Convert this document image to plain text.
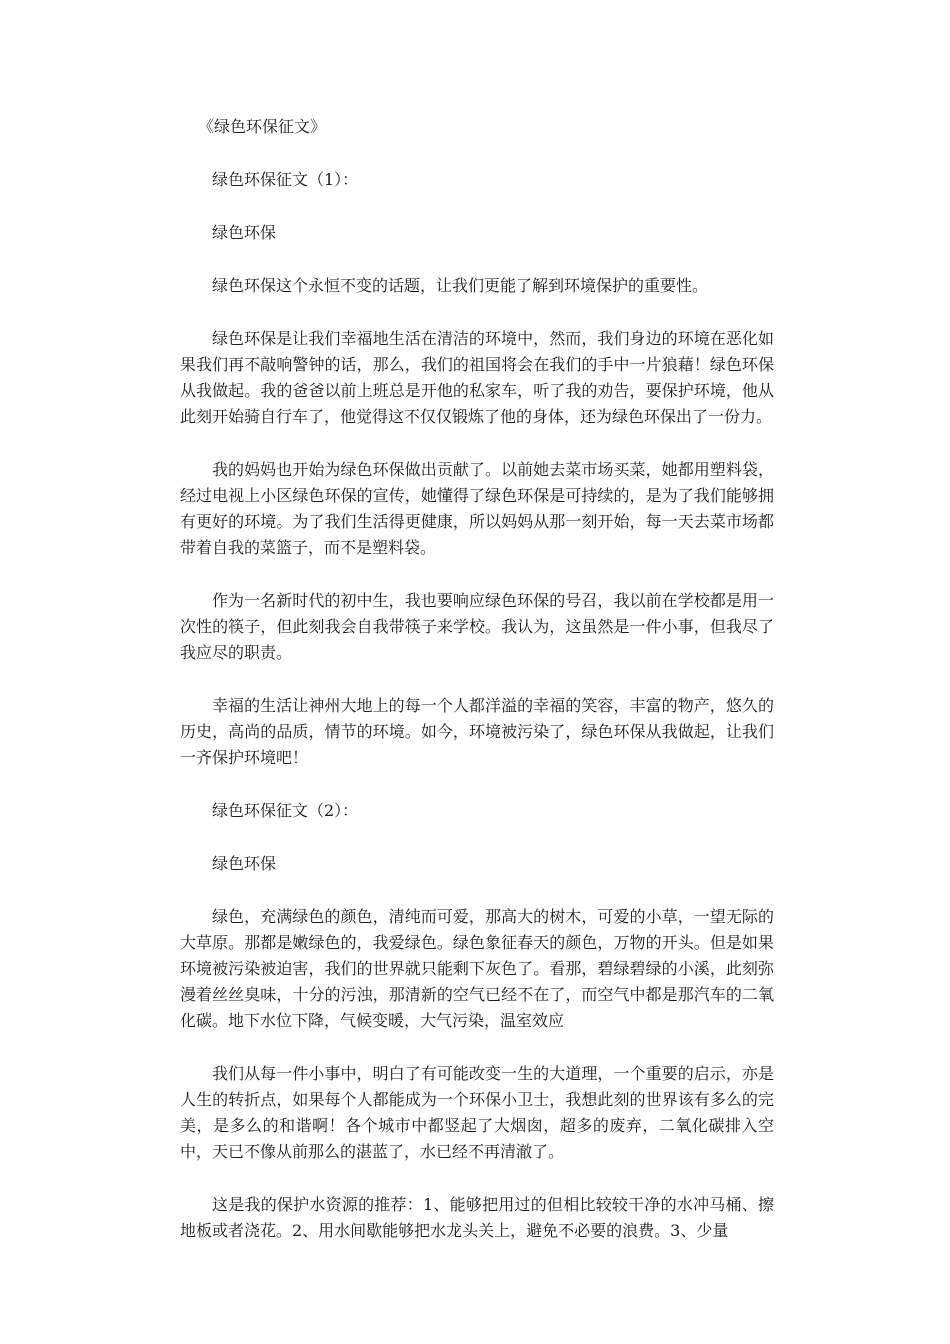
《绿色环保征文》

绿色环保征文（1）：

绿色环保

绿色环保这个永恒不变的话题，让我们更能了解到环境保护的重要性。

绿色环保是让我们幸福地生活在清洁的环境中，然而，我们身边的环境在恶化如果我们再不敲响警钟的话，那么，我们的祖国将会在我们的手中一片狼藉！绿色环保从我做起。我的爸爸以前上班总是开他的私家车，听了我的劝告，要保护环境，他从此刻开始骑自行车了，他觉得这不仅仅锻炼了他的身体，还为绿色环保出了一份力。

我的妈妈也开始为绿色环保做出贡献了。以前她去菜市场买菜，她都用塑料袋，经过电视上小区绿色环保的宣传，她懂得了绿色环保是可持续的，是为了我们能够拥有更好的环境。为了我们生活得更健康，所以妈妈从那一刻开始，每一天去菜市场都带着自我的菜篮子，而不是塑料袋。

作为一名新时代的初中生，我也要响应绿色环保的号召，我以前在学校都是用一次性的筷子，但此刻我会自我带筷子来学校。我认为，这虽然是一件小事，但我尽了我应尽的职责。

幸福的生活让神州大地上的每一个人都洋溢的幸福的笑容，丰富的物产，悠久的历史，高尚的品质，情节的环境。如今，环境被污染了，绿色环保从我做起，让我们一齐保护环境吧！

绿色环保征文（2）：

绿色环保

绿色，充满绿色的颜色，清纯而可爱，那高大的树木，可爱的小草，一望无际的大草原。那都是嫩绿色的，我爱绿色。绿色象征春天的颜色，万物的开头。但是如果环境被污染被迫害，我们的世界就只能剩下灰色了。看那，碧绿碧绿的小溪，此刻弥漫着丝丝臭味，十分的污浊，那清新的空气已经不在了，而空气中都是那汽车的二氧化碳。地下水位下降，气候变暖，大气污染，温室效应

我们从每一件小事中，明白了有可能改变一生的大道理，一个重要的启示，亦是人生的转折点，如果每个人都能成为一个环保小卫士，我想此刻的世界该有多么的完美，是多么的和谐啊！各个城市中都竖起了大烟囱，超多的废弃，二氧化碳排入空中，天已不像从前那么的湛蓝了，水已经不再清澈了。

这是我的保护水资源的推荐：1、能够把用过的但相比较较干净的水冲马桶、擦地板或者浇花。2、用水间歇能够把水龙头关上，避免不必要的浪费。3、少量
